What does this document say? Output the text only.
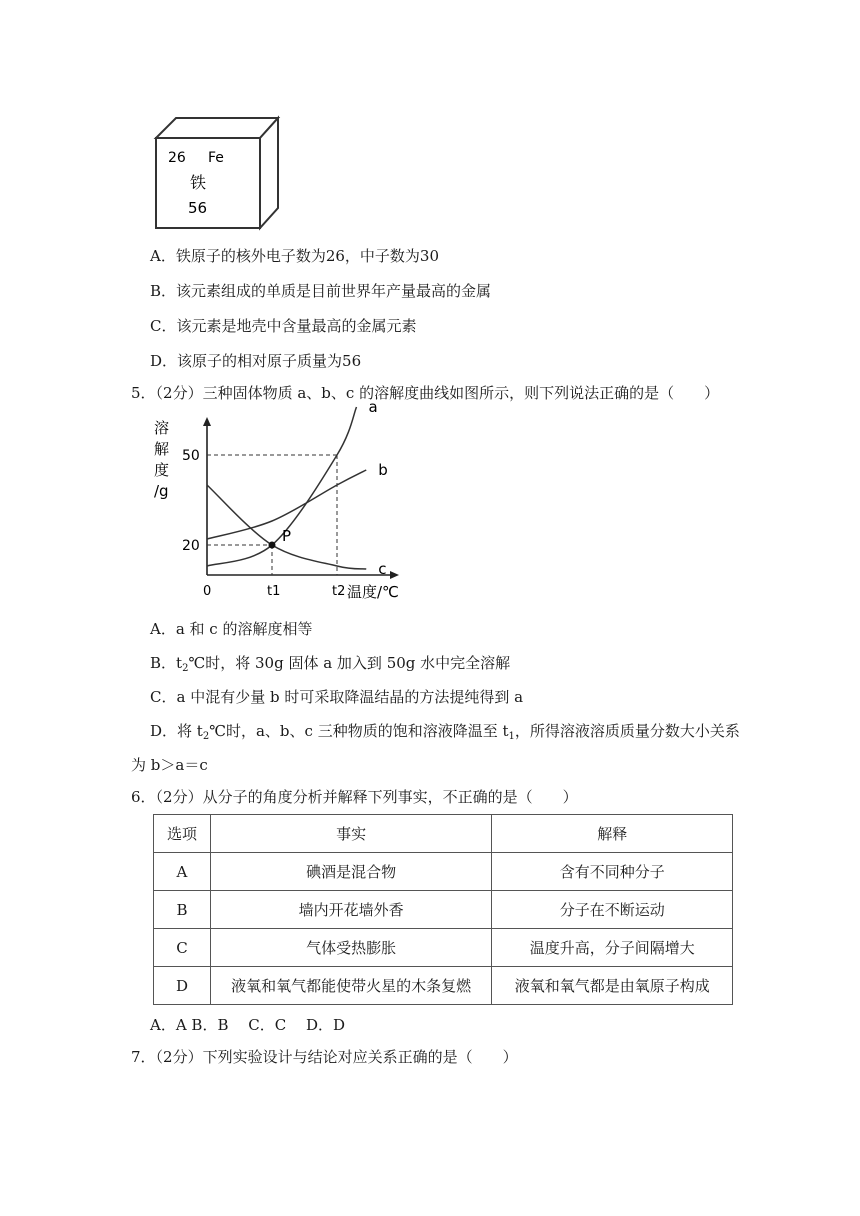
26 Fe
铁
56
A．铁原子的核外电子数为26，中子数为30
B．该元素组成的单质是目前世界年产量最高的金属
C．该元素是地壳中含量最高的金属元素
D．该原子的相对原子质量为56
5．（2分）三种固体物质 a、b、c 的溶解度曲线如图所示，则下列说法正确的是（　　）
溶
解
度
/g
50
20
0	t1	t2 温度/℃
a
b
c
P
A．a 和 c 的溶解度相等
B．$t_2℃$时，将 30g 固体 a 加入到 50g 水中完全溶解
C．a 中混有少量 b 时可采取降温结晶的方法提纯得到 a
D．将 $t_2℃$时，a、b、c 三种物质的饱和溶液降温至 $t_1$，所得溶液溶质质量分数大小关系
为 b＞a＝c
6．（2分）从分子的角度分析并解释下列事实，不正确的是（　　）
选项	事实	解释
A	碘酒是混合物	含有不同种分子
B	墙内开花墙外香	分子在不断运动
C	气体受热膨胀	温度升高，分子间隔增大
D	液氧和氧气都能使带火星的木条复燃	液氧和氧气都是由氧原子构成
A．A B．B　 C．C　 D．D
7．（2分）下列实验设计与结论对应关系正确的是（　　）
